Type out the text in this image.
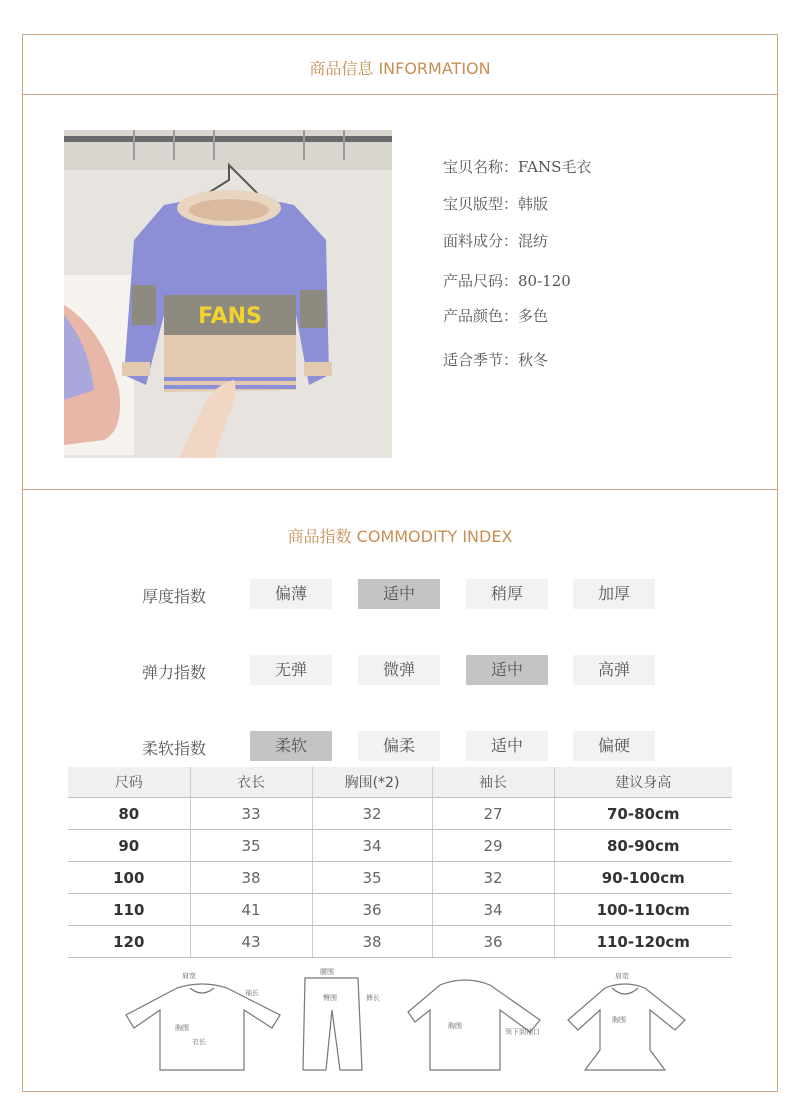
商品信息 INFORMATION
FANS
宝贝名称：FANS毛衣
宝贝版型：韩版
面料成分：混纺
产品尺码：80-120
产品颜色：多色
适合季节：秋冬
商品指数 COMMODITY INDEX
厚度指数	偏薄	适中	稍厚	加厚
弹力指数	无弹	微弹	适中	高弹
柔软指数	柔软	偏柔	适中	偏硬
尺码	衣长	胸围(*2)	袖长	建议身高
80	33	32	27	70-80cm
90	35	34	29	80-90cm
100	38	35	32	90-100cm
110	41	36	34	100-110cm
120	43	38	36	110-120cm
肩宽
胸围
衣长
袖长
腰围
裤长
臀围
胸围
领下到袖口
肩宽
胸围
